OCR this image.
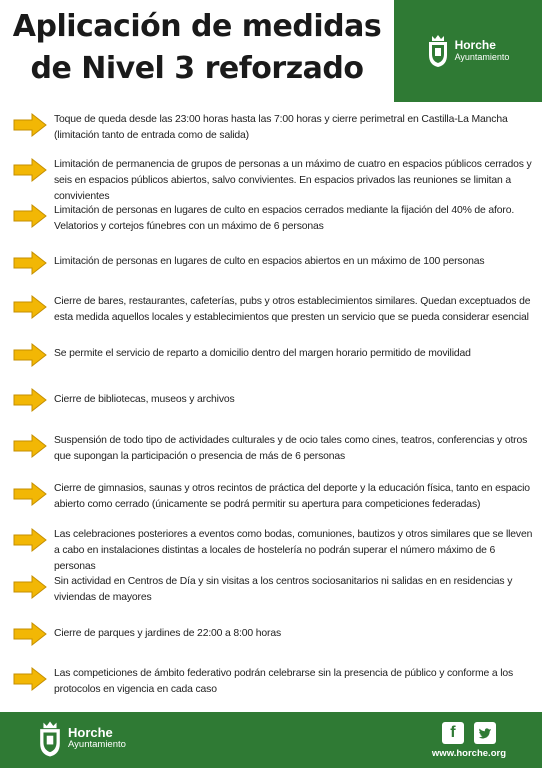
Aplicación de medidas
de Nivel 3 reforzado
Horche
Ayuntamiento
Toque de queda desde las 23:00 horas hasta las 7:00 horas y cierre perimetral en Castilla-La Mancha (limitación tanto de entrada como de salida)
Limitación de permanencia de grupos de personas a un máximo de cuatro en espacios públicos cerrados y seis en espacios públicos abiertos, salvo convivientes. En espacios privados las reuniones se limitan a convivientes
Limitación de personas en lugares de culto en espacios cerrados mediante la fijación del 40% de aforo. Velatorios y cortejos fúnebres con un máximo de 6 personas
Limitación de personas en lugares de culto en espacios abiertos en un máximo de 100 personas
Cierre de bares, restaurantes, cafeterías, pubs y otros establecimientos similares. Quedan exceptuados de esta medida aquellos locales y establecimientos que presten un servicio que se pueda considerar esencial
Se permite el servicio de reparto a domicilio dentro del margen horario permitido de movilidad
Cierre de bibliotecas, museos y archivos
Suspensión de todo tipo de actividades culturales y de ocio tales como cines, teatros, conferencias y otros que supongan la participación o presencia de más de 6 personas
Cierre de gimnasios, saunas y otros recintos de práctica del deporte y la educación física, tanto en espacio abierto como cerrado (únicamente se podrá permitir su apertura para competiciones federadas)
Las celebraciones posteriores a eventos como bodas, comuniones, bautizos y otros similares que se lleven a cabo en instalaciones distintas a locales de hostelería no podrán superar el número máximo de 6 personas
Sin actividad en Centros de Día y sin visitas a los centros sociosanitarios ni salidas en en residencias y viviendas de mayores
Cierre de parques y jardines de 22:00 a 8:00 horas
Las competiciones de ámbito federativo podrán celebrarse sin la presencia de público y conforme a los protocolos en vigencia en cada caso
Horche
Ayuntamiento
f
www.horche.org
